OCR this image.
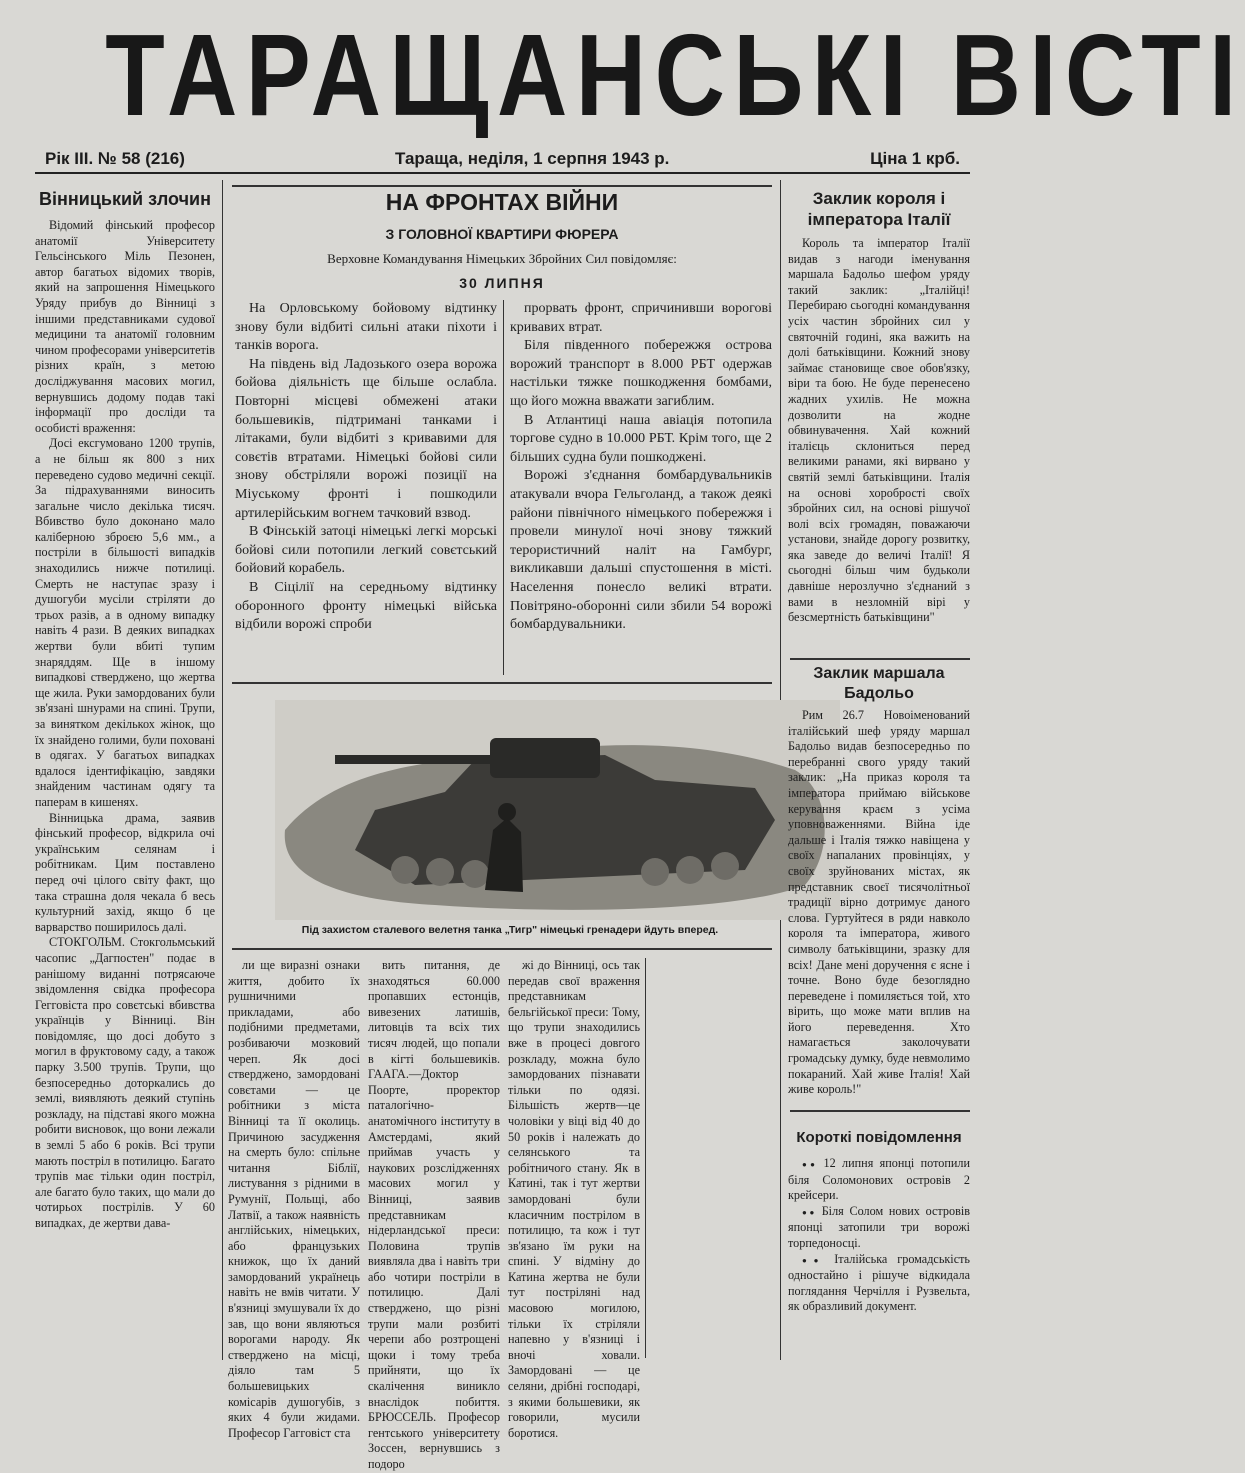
ТАРАЩАНСЬКІ ВІСТІ
Рік ІІІ. № 58 (216)	Тараща, неділя, 1 серпня 1943 р.	Ціна 1 крб.
Вінницький злочин

Відомий фінський професор анатомії Університету Гельсінського Міль Пезонен, автор багатьох відомих творів, який на запрошення Німецького Уряду прибув до Вінниці з іншими представниками судової медицини та анатомії головним чином професорами університетів різних країн, з метою досліджування масових могил, вернувшись додому подав такі інформації про досліди та особисті враження:

Досі ексгумовано 1200 трупів, а не більш як 800 з них переведено судово медичні секції. За підрахуваннями виносить загальне число декілька тисяч. Вбивство було доконано мало каліберною зброєю 5,6 мм., а постріли в більшості випадків знаходились нижче потилиці. Смерть не наступає зразу і душогуби мусіли стріляти до трьох разів, а в одному випадку навіть 4 рази. В деяких випадках жертви були вбиті тупим знаряддям. Ще в іншому випадкові стверджено, що жертва ще жила. Руки замордованих були зв'язані шнурами на спині. Трупи, за винятком декількох жінок, що їх знайдено голими, були поховані в одягах. У багатьох випадках вдалося ідентифікацію, завдяки знайденим частинам одягу та паперам в кишенях.

Вінницька драма, заявив фінський професор, відкрила очі українським селянам і робітникам. Цим поставлено перед очі цілого світу факт, що така страшна доля чекала б весь культурний захід, якщо б це варварство поширилось далі.

СТОКГОЛЬМ. Стокгольмський часопис „Дагпостен" подає в ранішому виданні потрясаюче звідомлення свідка професора Гегговіста про совєтські вбивства українців у Вінниці. Він повідомляє, що досі добуто з могил в фруктовому саду, а також парку 3.500 трупів. Трупи, що безпосередньо доторкались до землі, виявляють деякий ступінь розкладу, на підставі якого можна робити висновок, що вони лежали в землі 5 або 6 років. Всі трупи мають постріл в потилицю. Багато трупів має тільки один постріл, але багато було таких, що мали до чотирьох пострілів. У 60 випадках, де жертви дава-

НА ФРОНТАХ ВІЙНИ
З ГОЛОВНОЇ КВАРТИРИ ФЮРЕРА
Верховне Командування Німецьких Збройних Сил повідомляє:
30 ЛИПНЯ

На Орловському бойовому відтинку знову були відбиті сильні атаки піхоти і танків ворога.

На південь від Ладозького озера ворожа бойова діяльність ще більше ослабла. Повторні місцеві обмежені атаки большевиків, підтримані танками і літаками, були відбиті з кривавими для совєтів втратами. Німецькі бойові сили знову обстріляли ворожі позиції на Міуському фронті і пошкодили артилерійським вогнем тачковий взвод.

В Фінській затоці німецькі легкі морські бойові сили потопили легкий совєтський бойовий корабель.

В Сіцілії на середньому відтинку оборонного фронту німецькі війська відбили ворожі спроби

прорвать фронт, спричинивши ворогові кривавих втрат.

Біля південного побережжя острова ворожий транспорт в 8.000 РБТ одержав настільки тяжке пошкодження бомбами, що його можна вважати загиблим.

В Атлантиці наша авіація потопила торгове судно в 10.000 РБТ. Крім того, ще 2 більших судна були пошкоджені.

Ворожі з'єднання бомбардувальників атакували вчора Гельголанд, а також деякі райони північного німецького побережжя і провели минулої ночі знову тяжкий терористичний наліт на Гамбург, викликавши дальші спустошення в місті. Населення понесло великі втрати. Повітряно-оборонні сили збили 54 ворожі бомбардувальники.

Під захистом сталевого велетня танка „Тигр" німецькі гренадери йдуть вперед.

ли ще виразні ознаки життя, добито їх рушничними прикладами, або подібними предметами, розбиваючи мозковий череп. Як досі стверджено, замордовані совєтами — це робітники з міста Вінниці та її околиць. Причиною засудження на смерть було: спільне читання Біблії, листування з рідними в Румунії, Польщі, або Латвії, а також наявність англійських, німецьких, або французьких книжок, що їх даний замордований українець навіть не вмів читати. У в'язниці змушували їх до зав, що вони являються ворогами народу. Як стверджено на місці, діяло там 5 большевицьких комісарів душогубів, з яких 4 були жидами. Професор Гагговіст ста

вить питання, де знаходяться 60.000 пропавших естонців, вивезених латишів, литовців та всіх тих тисяч людей, що попали в кігті большевиків. ГААГА.—Доктор Поорте, проректор паталогічно-анатомічного інституту в Амстердамі, який приймав участь у наукових розслідженнях масових могил у Вінниці, заявив представникам нідерландської преси: Половина трупів виявляла два і навіть три або чотири постріли в потилицю. Далі стверджено, що різні трупи мали розбиті черепи або розтрощені щоки і тому треба прийняти, що їх скалічення виникло внаслідок побиття. БРЮССЕЛЬ. Професор гентського університету Зоссен, вернувшись з подоро

жі до Вінниці, ось так передав свої враження представникам бельгійської преси: Тому, що трупи знаходились вже в процесі довгого розкладу, можна було замордованих пізнавати тільки по одязі. Більшість жертв—це чоловіки у віці від 40 до 50 років і належать до селянського та робітничого стану. Як в Катині, так і тут жертви замордовані були класичним пострілом в потилицю, та кож і тут зв'язано їм руки на спині. У відміну до Катина жертва не були тут постріляні над масовою могилою, тільки їх стріляли напевно у в'язниці і вночі ховали. Замордовані — це селяни, дрібні господарі, з якими большевики, як говорили, мусили боротися.

Заклик короля і імператора Італії

Король та імператор Італії видав з нагоди іменування маршала Бадольо шефом уряду такий заклик: „Італійці! Перебираю сьогодні командування усіх частин збройних сил у святочній годині, яка важить на долі батьківщини. Кожний знову займає становище свое обов'язку, віри та бою. Не буде перенесено жадних ухилів. Не можна дозволити на жодне обвинувачення. Хай кожний італієць склониться перед великими ранами, які вирвано у святій землі батьківщини. Італія на основі хоробрості своїх збройних сил, на основі рішучої волі всіх громадян, поважаючи установи, знайде дорогу розвитку, яка заведе до величі Італії! Я сьогодні більш чим будьколи давніше нерозлучно з'єднаний з вами в незломній вірі у безсмертність батьківщини"

Заклик маршала Бадольо

Рим 26.7 Новоіменований італійський шеф уряду маршал Бадольо видав безпосередньо по перебранні свого уряду такий заклик: „На приказ короля та імператора приймаю військове керування краєм з усіма уповноваженнями. Війна іде дальше і Італія тяжко навіщена у своїх напаланих провінціях, у своїх зруйнованих містах, як представник своєї тисячолітньої традиції вірно дотримує даного слова. Гуртуйтеся в ряди навколо короля та імператора, живого символу батьківщини, зразку для всіх! Дане мені доручення є ясне і точне. Воно буде безоглядно переведене і помиляється той, хто вірить, що може мати вплив на його переведення. Хто намагається заколочувати громадську думку, буде невмолимо покараний. Хай живе Італія! Хай живе король!"

Короткі повідомлення

●● 12 липня японці потопили біля Соломонових островів 2 крейсери.

●● Біля Солом нових островів японці затопили три ворожі торпедоносці.

●● Італійська громадськість одностайно і рішуче відкидала поглядання Черчілля і Рузвельта, як образливий документ.
